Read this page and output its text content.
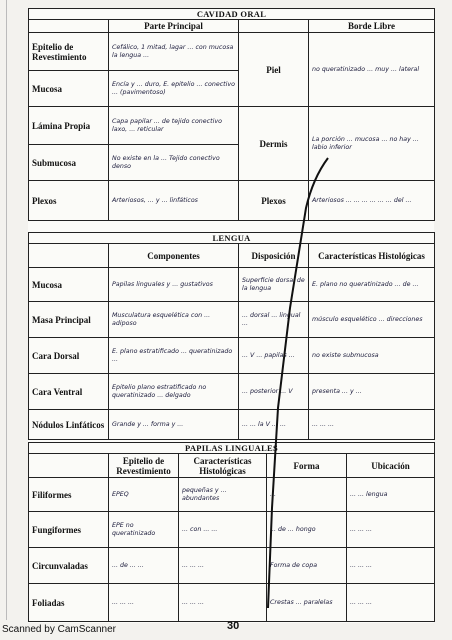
CAVIDAD ORAL			
	Parte Principal		Borde Libre
Epitelio de Revestimiento	Cefálico, 1 mitad, lagar ... con mucosa la lengua ...	Piel	no queratinizado ... muy ... lateral
Mucosa	Encía y ... duro, E. epitelio ... conectivo ... (pavimentoso)		
Lámina Propia	Capa papilar ... de tejido conectivo laxo, ... reticular	Dermis	La porción ... mucosa ... no hay ... labio inferior
Submucosa	No existe en la ... Tejido conectivo denso		
Plexos	Arteriosos, ... y ... linfáticos	Plexos	Arteriosos ... ... ... ... ... ... del ...
LENGUA			
	Componentes	Disposición	Características Histológicas
Mucosa	Papilas linguales y ... gustativos	Superficie dorsal de la lengua	E. plano no queratinizado ... de ...
Masa Principal	Musculatura esquelética con ... adiposo	... dorsal ... lingual ...	músculo esquelético ... direcciones
Cara Dorsal	E. plano estratificado ... queratinizado ...	... V ... papilas ...	no existe submucosa
Cara Ventral	Epitelio plano estratificado no queratinizado ... delgado	... posterior ... V	presenta ... y ...
Nódulos Linfáticos	Grande y ... forma y ...	... ... la V ... ...	... ... ...
PAPILAS LINGUALES				
	Epitelio de Revestimiento	Características Histológicas	Forma	Ubicación
Filiformes	EPEQ	pequeñas y ... abundantes	...	... ... lengua
Fungiformes	EPE no queratinizado	... con ... ...	... de ... hongo	... ... ...
Circunvaladas	... de ... ...	... ... ...	Forma de copa	... ... ...
Foliadas	... ... ...	... ... ...	Crestas ... paralelas	... ... ...
Scanned by CamScanner	30
